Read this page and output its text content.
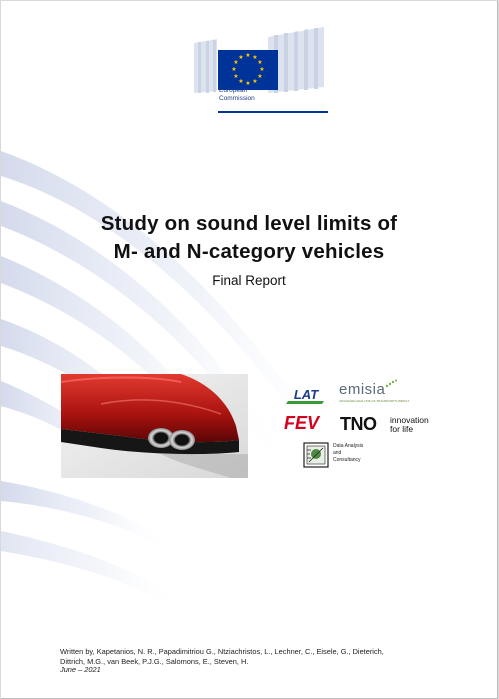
★ ★
★
★
★
★
★
★
★
★
★
★
European
Commission
Study on sound level limits of
M- and N-category vehicles
Final Report
LAT emisia
ADVANCED ANALYSIS OF TRANSPORT'S IMPACT
FEV TNO innovation
for life
Data Analysis
and
Consultancy
Written by, Kapetanios, N. R., Papadimitriou G., Ntziachristos, L., Lechner, C., Eisele, G., Dieterich,
Dittrich, M.G., van Beek, P.J.G., Salomons, E., Steven, H.
June – 2021
